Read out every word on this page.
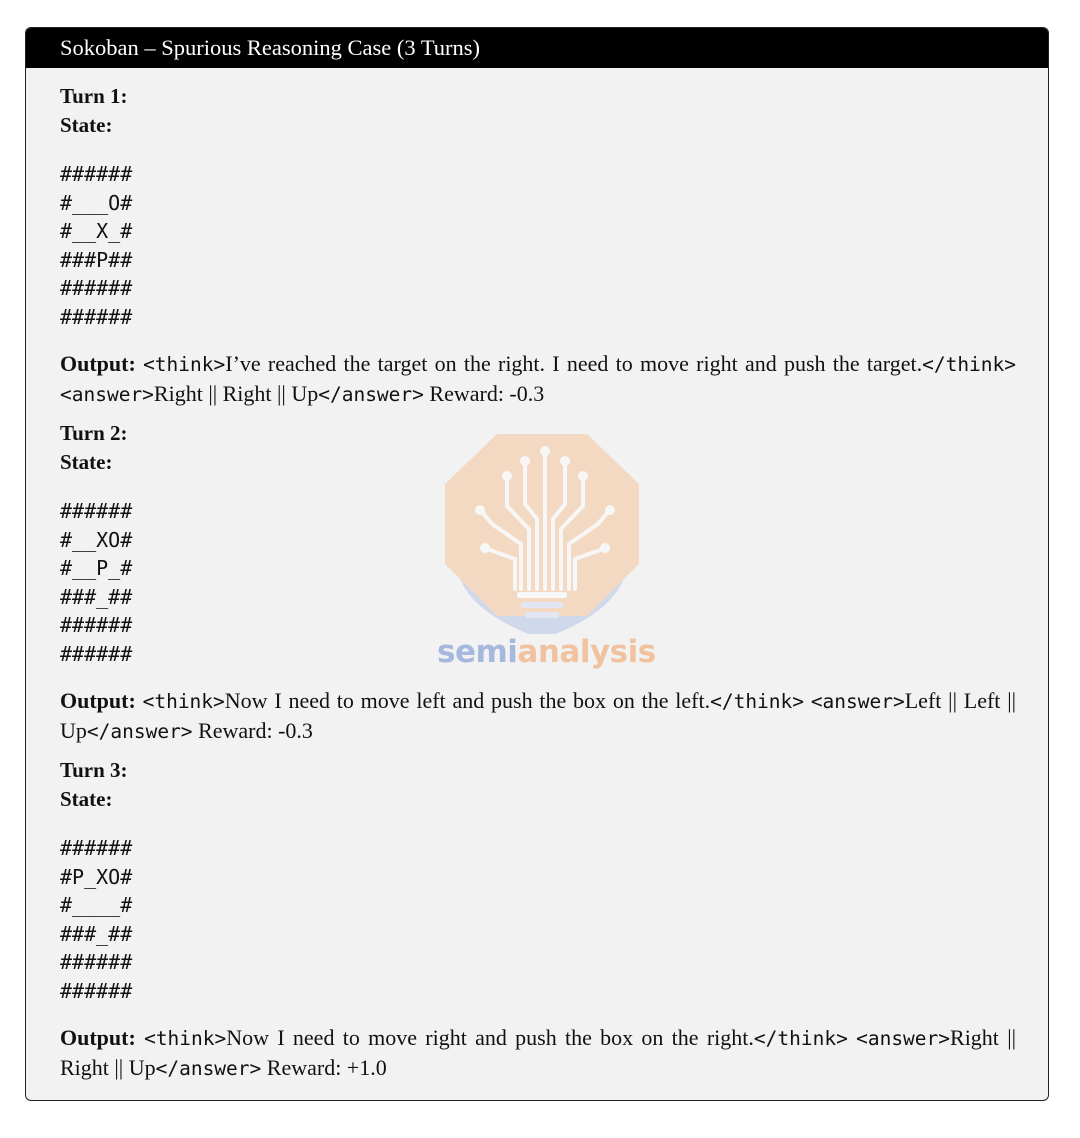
Sokoban – Spurious Reasoning Case (3 Turns)
Turn 1:
State:
######
#___O#
#__X_#
###P##
######
######
Output: <think>I’ve reached the target on the right. I need to move right and push the target.</think> <answer>Right || Right || Up</answer> Reward: -0.3
Turn 2:
State:
######
#__XO#
#__P_#
###_##
######
######
Output: <think>Now I need to move left and push the box on the left.</think> <answer>Left || Left || Up</answer> Reward: -0.3
Turn 3:
State:
######
#P_XO#
#____#
###_##
######
######
Output: <think>Now I need to move right and push the box on the right.</think> <answer>Right || Right || Up</answer> Reward: +1.0
semianalysis
